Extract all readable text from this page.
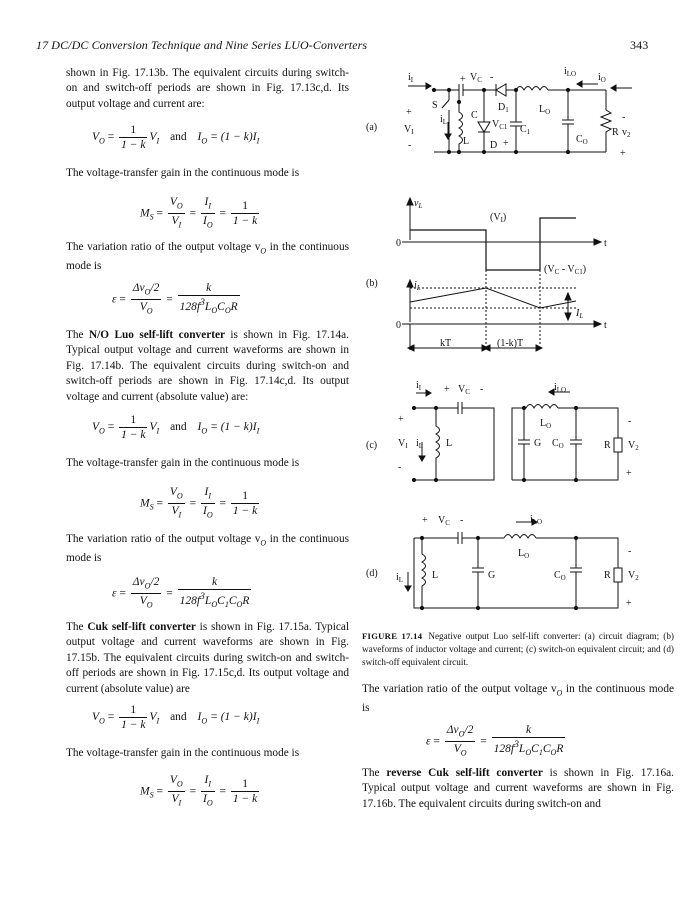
17 DC/DC Conversion Technique and Nine Series LUO-Converters	343
shown in Fig. 17.13b. The equivalent circuits during switch-on and switch-off periods are shown in Fig. 17.13c,d. Its output voltage and current are:
$V_O = \frac{1}{1 - k} V_I$ and $I_O = (1 - k)I_I$
The voltage-transfer gain in the continuous mode is
$M_S = \frac{V_O}{V_I} = \frac{I_I}{I_O} = \frac{1}{1 - k}$
The variation ratio of the output voltage $v_O$ in the continuous mode is
$\varepsilon = \frac{\Delta v_O/2}{V_O} = \frac{k}{128f^3L_OC_OR}$
The N/O Luo self-lift converter is shown in Fig. 17.14a. Typical output voltage and current waveforms are shown in Fig. 17.14b. The equivalent circuits during switch-on and switch-off periods are shown in Fig. 17.14c,d. Its output voltage and current (absolute value) are:
$V_O = \frac{1}{1 - k} V_I$ and $I_O = (1 - k)I_I$
The voltage-transfer gain in the continuous mode is
$M_S = \frac{V_O}{V_I} = \frac{I_I}{I_O} = \frac{1}{1 - k}$
The variation ratio of the output voltage $v_O$ in the continuous mode is
$\varepsilon = \frac{\Delta v_O/2}{V_O} = \frac{k}{128f^3L_OC_1C_OR}$
The Cuk self-lift converter is shown in Fig. 17.15a. Typical output voltage and current waveforms are shown in Fig. 17.15b. The equivalent circuits during switch-on and switch-off periods are shown in Fig. 17.15c,d. Its output voltage and current (absolute value) are
$V_O = \frac{1}{1 - k} V_I$ and $I_O = (1 - k)I_I$
The voltage-transfer gain in the continuous mode is
$M_S = \frac{V_O}{V_I} = \frac{I_I}{I_O} = \frac{1}{1 - k}$
(a)
$i_I$	+ $V_C$ -
$i_{LO}$ $i_O$
+
S
C
$D_1$	$L_O$
$i_L$
$V_I$
$V_{C1}$ $C_1$
L D +	$C_O$
R $v_2$
-
-
+
(b)
$v_L$
$(V_I)$
0	t
$(V_C - V_{C1})$
$i_L$
$I_L$
0	t
kT	(1-k)T
(c)
$i_I + V_C$ -	$i_{LO}$
$L_O$
+
$V_I$ $i_L$ L
-
G $C_O$	R $V_2$
-
+
(d)
+ $V_C$ -	$i_{LO}$
$L_O$
$i_L$	L	G	$C_O$	R $V_2$
-
+
FIGURE 17.14 Negative output Luo self-lift converter: (a) circuit diagram; (b) waveforms of inductor voltage and current; (c) switch-on equivalent circuit; and (d) switch-off equivalent circuit.
The variation ratio of the output voltage $v_O$ in the continuous mode is
$\varepsilon = \frac{\Delta v_O/2}{V_O} = \frac{k}{128f^3L_OC_1C_OR}$
The reverse Cuk self-lift converter is shown in Fig. 17.16a. Typical output voltage and current waveforms are shown in Fig. 17.16b. The equivalent circuits during switch-on and
